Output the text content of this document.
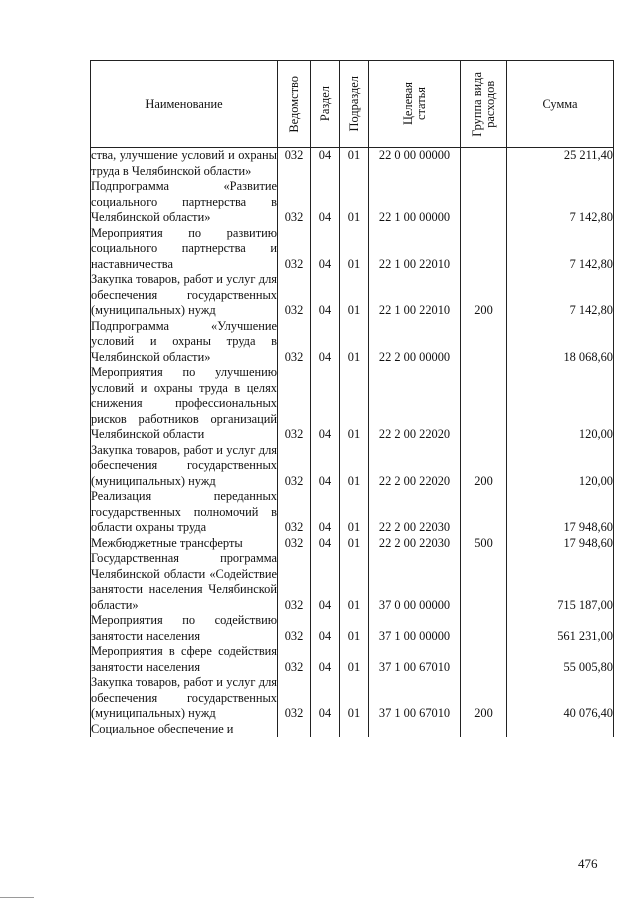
Наименование	Ведомство	Раздел	Подраздел	Целевая
статья	Группа вида
расходов	Сумма
ства, улучшение условий и охраны труда в Челябинской области»	032	04	01	22 0 00 00000		25 211,40
Подпрограмма «Развитие социального партнерства в Челябинской области»	032	04	01	22 1 00 00000		7 142,80
Мероприятия по развитию социального партнерства и наставничества	032	04	01	22 1 00 22010		7 142,80
Закупка товаров, работ и услуг для обеспечения государственных (муниципальных) нужд	032	04	01	22 1 00 22010	200	7 142,80
Подпрограмма «Улучшение условий и охраны труда в Челябинской области»	032	04	01	22 2 00 00000		18 068,60
Мероприятия по улучшению условий и охраны труда в целях снижения профессиональных рисков работников организаций Челябинской области	032	04	01	22 2 00 22020		120,00
Закупка товаров, работ и услуг для обеспечения государственных (муниципальных) нужд	032	04	01	22 2 00 22020	200	120,00
Реализация переданных государственных полномочий в области охраны труда	032	04	01	22 2 00 22030		17 948,60
Межбюджетные трансферты	032	04	01	22 2 00 22030	500	17 948,60
Государственная программа Челябинской области «Содействие занятости населения Челябинской области»	032	04	01	37 0 00 00000		715 187,00
Мероприятия по содействию занятости населения	032	04	01	37 1 00 00000		561 231,00
Мероприятия в сфере содействия занятости населения	032	04	01	37 1 00 67010		55 005,80
Закупка товаров, работ и услуг для обеспечения государственных (муниципальных) нужд	032	04	01	37 1 00 67010	200	40 076,40
Социальное обеспечение и						
476
